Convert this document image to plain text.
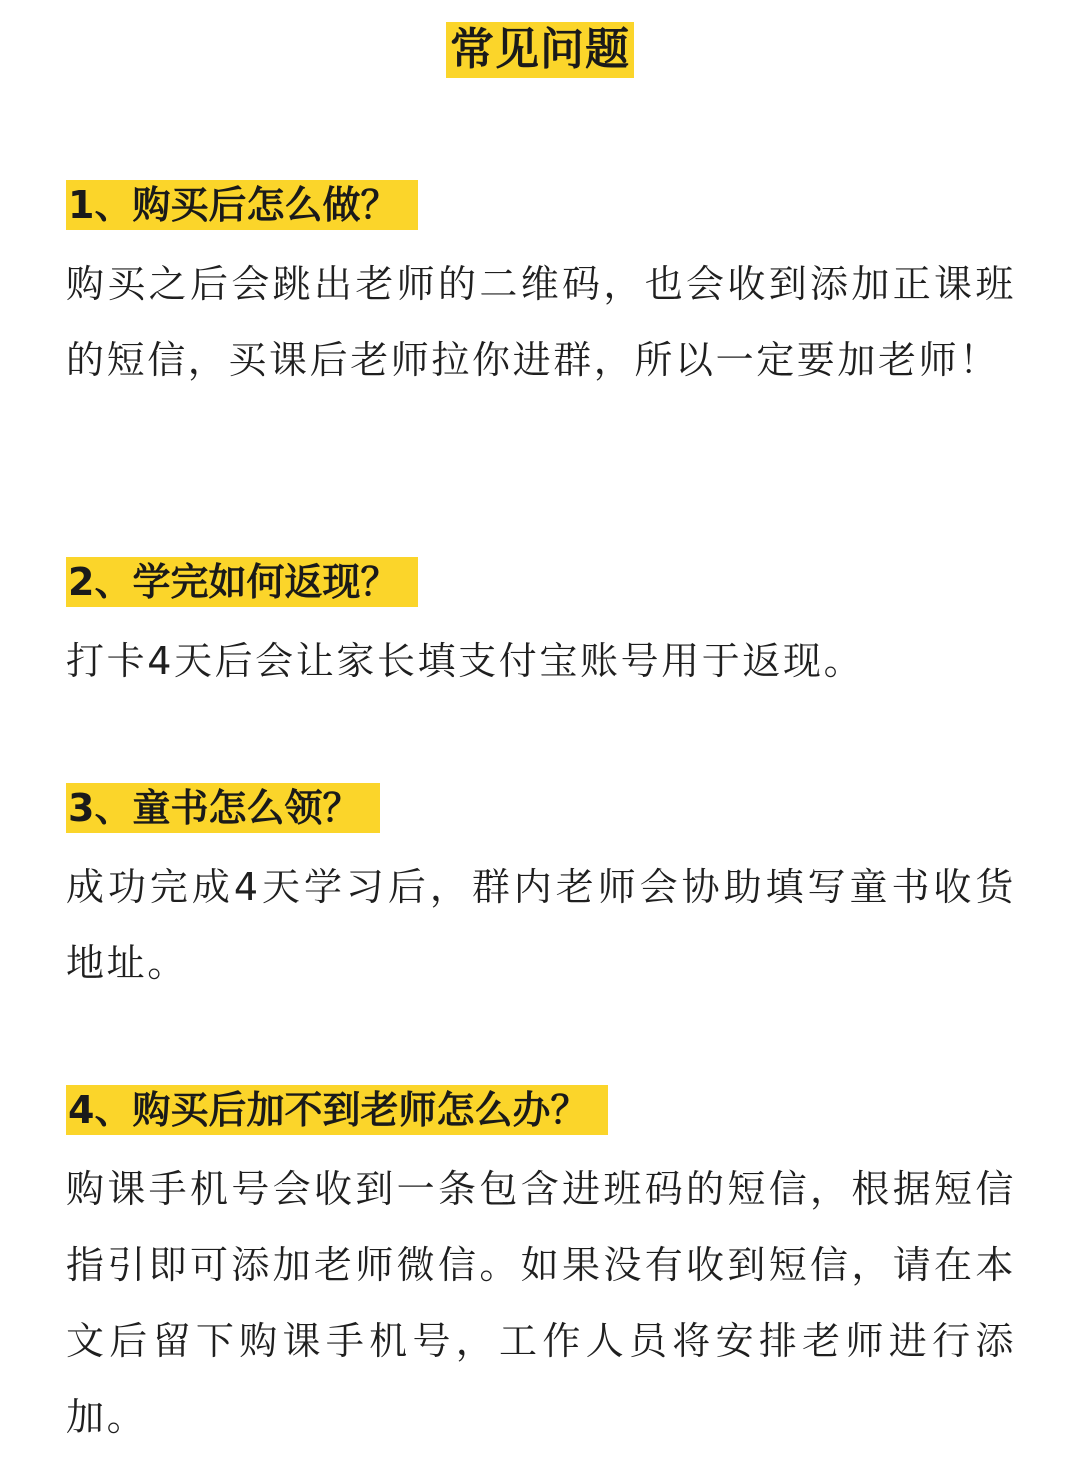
常见问题
1、购买后怎么做？
购买之后会跳出老师的二维码，也会收到添加正课班的短信，买课后老师拉你进群，所以一定要加老师！
2、学完如何返现？
打卡4天后会让家长填支付宝账号用于返现。
3、童书怎么领？
成功完成4天学习后，群内老师会协助填写童书收货地址。
4、购买后加不到老师怎么办？
购课手机号会收到一条包含进班码的短信，根据短信指引即可添加老师微信。如果没有收到短信，请在本文后留下购课手机号，工作人员将安排老师进行添加。
